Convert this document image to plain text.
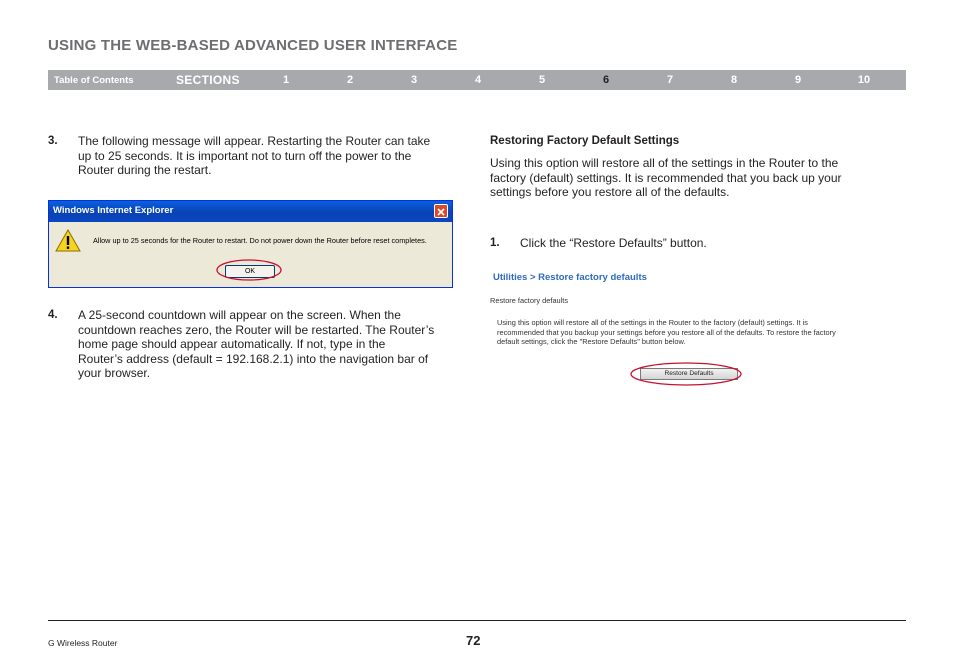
USING THE WEB-BASED ADVANCED USER INTERFACE
Table of Contents	SECTIONS	1	2	3	4	5	6	7	8	9	10
3. The following message will appear. Restarting the Router can take
up to 25 seconds. It is important not to turn off the power to the
Router during the restart.
Windows Internet Explorer
Allow up to 25 seconds for the Router to restart. Do not power down the Router before reset completes.
OK
4. A 25-second countdown will appear on the screen. When the
countdown reaches zero, the Router will be restarted. The Router’s
home page should appear automatically. If not, type in the
Router’s address (default = 192.168.2.1) into the navigation bar of
your browser.
Restoring Factory Default Settings
Using this option will restore all of the settings in the Router to the
factory (default) settings. It is recommended that you back up your
settings before you restore all of the defaults.
1. Click the “Restore Defaults” button.
Utilities > Restore factory defaults
Restore factory defaults
Using this option will restore all of the settings in the Router to the factory (default) settings. It is
recommended that you backup your settings before you restore all of the defaults. To restore the factory
default settings, click the "Restore Defaults" button below.
Restore Defaults
G Wireless Router	72
